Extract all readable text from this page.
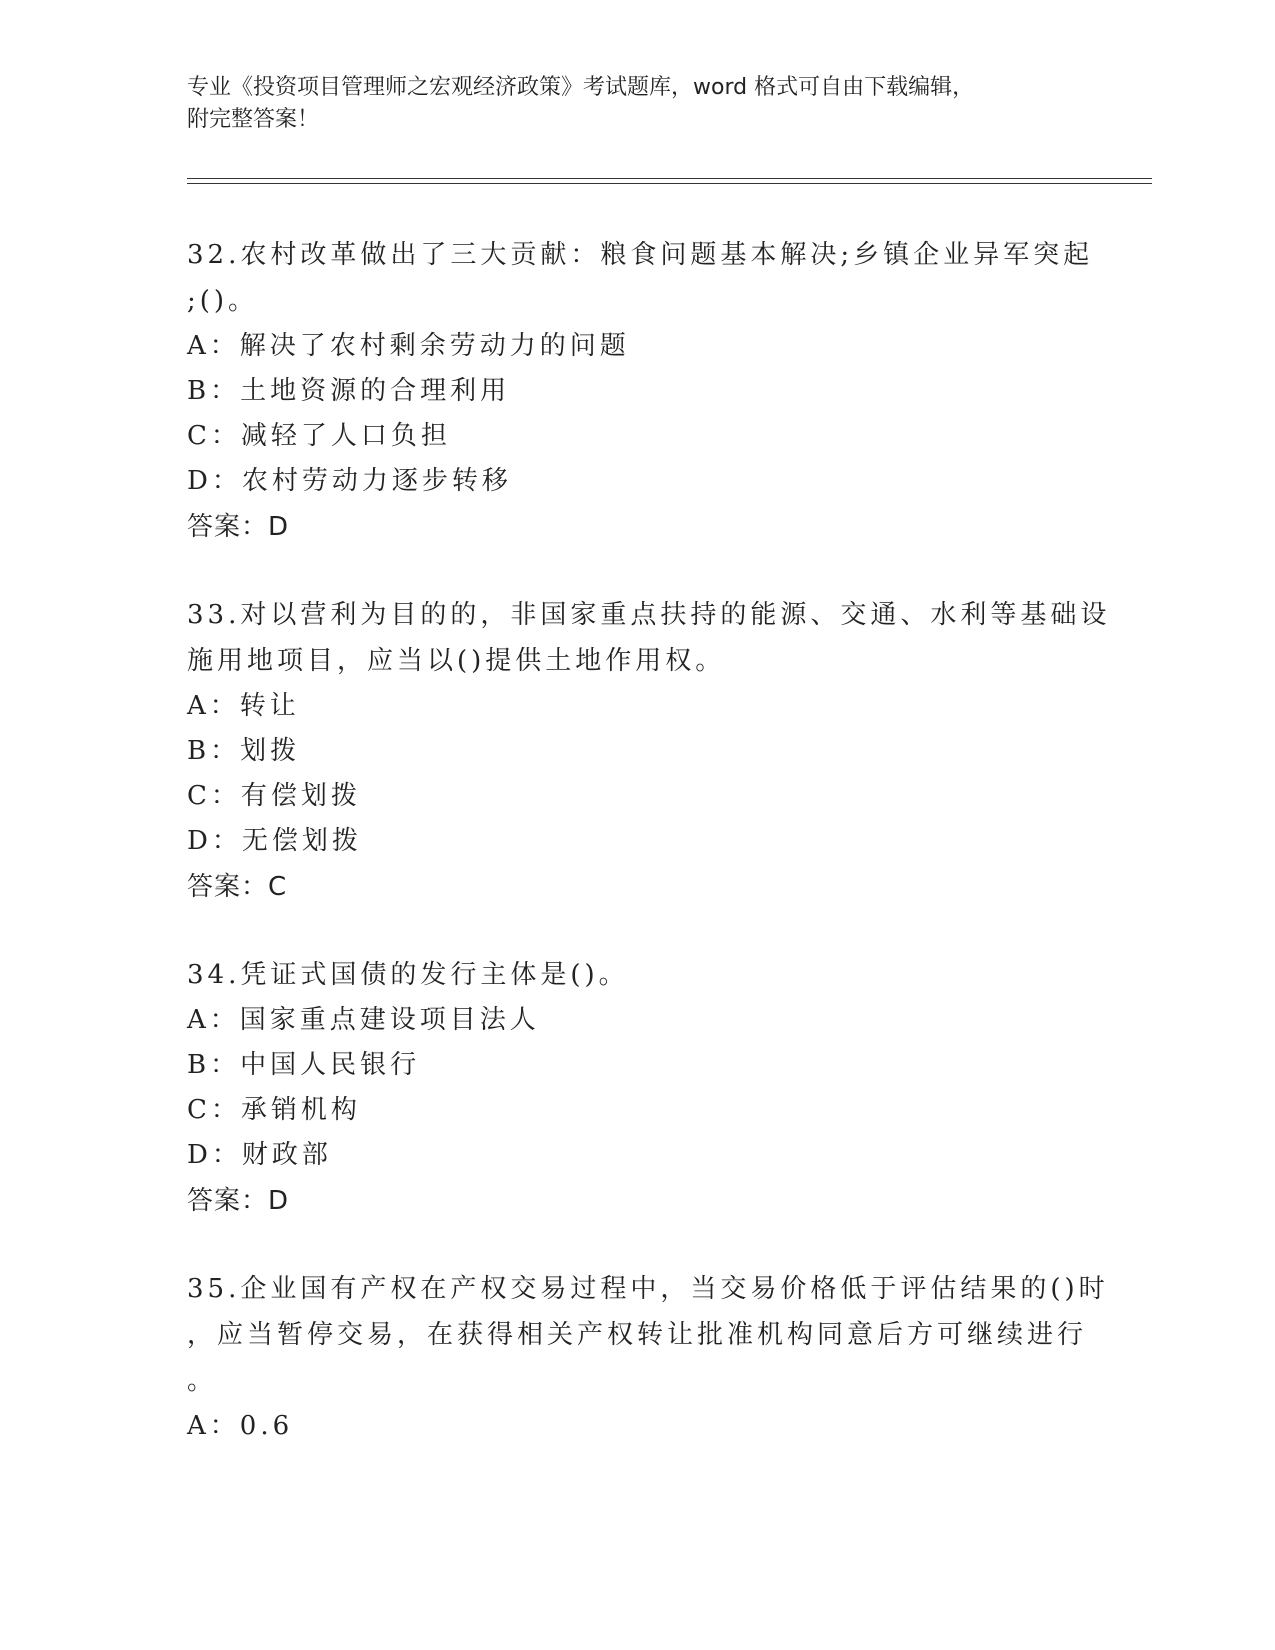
专业《投资项目管理师之宏观经济政策》考试题库，word 格式可自由下载编辑，
附完整答案！
32.农村改革做出了三大贡献：粮食问题基本解决;乡镇企业异军突起
;()。
A：解决了农村剩余劳动力的问题
B：土地资源的合理利用
C：减轻了人口负担
D：农村劳动力逐步转移
答案：D
33.对以营利为目的的，非国家重点扶持的能源、交通、水利等基础设
施用地项目，应当以()提供土地作用权。
A：转让
B：划拨
C：有偿划拨
D：无偿划拨
答案：C
34.凭证式国债的发行主体是()。
A：国家重点建设项目法人
B：中国人民银行
C：承销机构
D：财政部
答案：D
35.企业国有产权在产权交易过程中，当交易价格低于评估结果的()时
，应当暂停交易，在获得相关产权转让批准机构同意后方可继续进行
。
A：0.6
